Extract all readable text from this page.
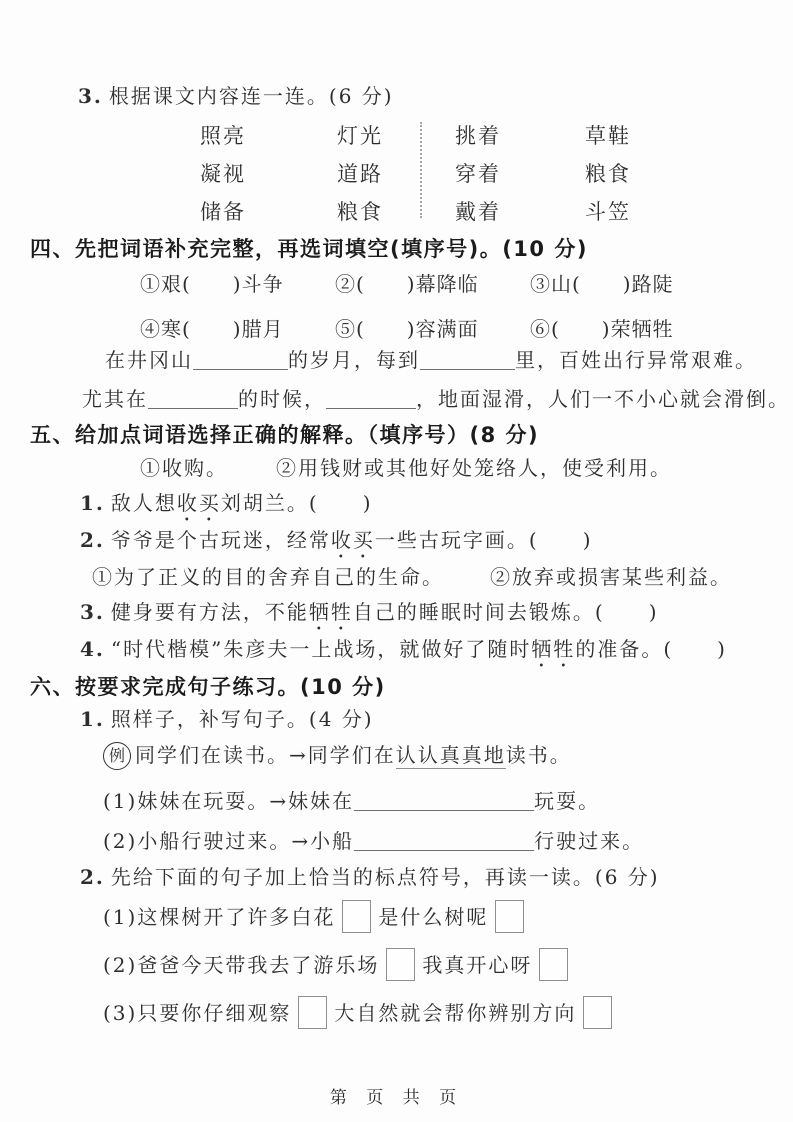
3. 根据课文内容连一连。(6 分)
照亮	灯光	挑着	草鞋
凝视	道路	穿着	粮食
储备	粮食	戴着	斗笠
四、先把词语补充完整，再选词填空(填序号)。(10 分)
①艰(　　)斗争	②(　　)幕降临	③山(　　)路陡
④寒(　　)腊月	⑤(　　)容满面	⑥(　　)荣牺牲
在井冈山	的岁月，每到	里，百姓出行异常艰难。
尤其在	的时候，	，地面湿滑，人们一不小心就会滑倒。
五、给加点词语选择正确的解释。（填序号）(8 分)
①收购。 ②用钱财或其他好处笼络人，使受利用。
1. 敌人想收买刘胡兰。(　　)
2. 爷爷是个古玩迷，经常收买一些古玩字画。(　　)
①为了正义的目的舍弃自己的生命。 ②放弃或损害某些利益。
3. 健身要有方法，不能牺牲自己的睡眠时间去锻炼。(　　)
4. “时代楷模”朱彦夫一上战场，就做好了随时牺牲的准备。(　　)
六、按要求完成句子练习。(10 分)
1. 照样子，补写句子。(4 分)
例 同学们在读书。→同学们在认认真真地读书。
(1)妹妹在玩耍。→妹妹在	玩耍。
(2)小船行驶过来。→小船	行驶过来。
2. 先给下面的句子加上恰当的标点符号，再读一读。(6 分)
(1)这棵树开了许多白花 是什么树呢
(2)爸爸今天带我去了游乐场 我真开心呀
(3)只要你仔细观察 大自然就会帮你辨别方向
第 页 共 页
